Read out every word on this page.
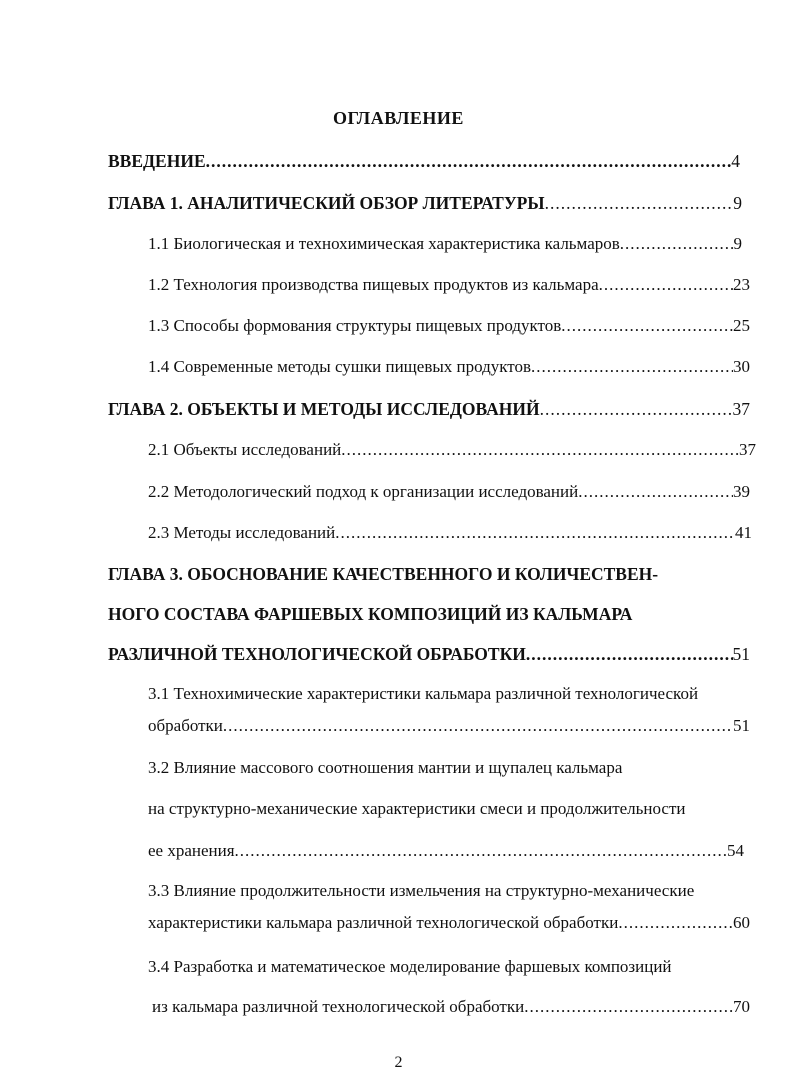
ОГЛАВЛЕНИЕ
ВВЕДЕНИЕ .....	4
ГЛАВА 1. АНАЛИТИЧЕСКИЙ ОБЗОР ЛИТЕРАТУРЫ .....	9
1.1 Биологическая и технохимическая характеристика кальмаров .....	9
1.2 Технология производства пищевых продуктов из кальмара .....	23
1.3 Способы формования структуры пищевых продуктов .....	25
1.4 Современные методы сушки пищевых продуктов .....	30
ГЛАВА 2. ОБЪЕКТЫ И МЕТОДЫ ИССЛЕДОВАНИЙ .....	37
2.1 Объекты исследований .....	37
2.2 Методологический подход к организации исследований .....	39
2.3 Методы исследований .....	41
ГЛАВА 3. ОБОСНОВАНИЕ КАЧЕСТВЕННОГО И КОЛИЧЕСТВЕН-
НОГО СОСТАВА ФАРШЕВЫХ КОМПОЗИЦИЙ ИЗ КАЛЬМАРА
РАЗЛИЧНОЙ ТЕХНОЛОГИЧЕСКОЙ ОБРАБОТКИ .....	51
3.1 Технохимические характеристики кальмара различной технологической
обработки .....	51
3.2 Влияние массового соотношения мантии и щупалец кальмара
на структурно-механические характеристики смеси и продолжительности
ее хранения .....	54
3.3 Влияние продолжительности измельчения на структурно-механические
характеристики кальмара различной технологической обработки .....	60
3.4 Разработка и математическое моделирование фаршевых композиций
из кальмара различной технологической обработки .....	70
2
